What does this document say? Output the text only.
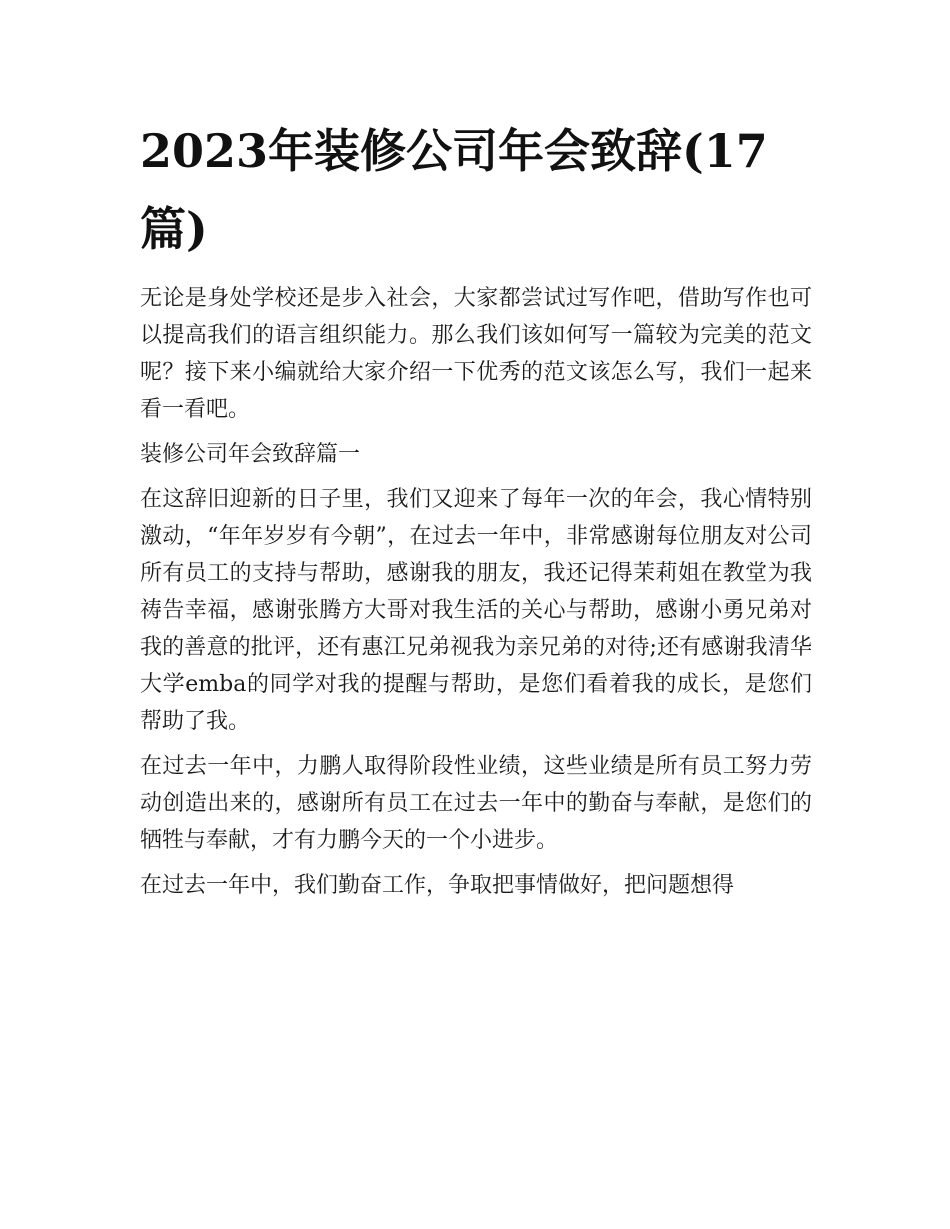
2023年装修公司年会致辞(17篇)

无论是身处学校还是步入社会，大家都尝试过写作吧，借助写作也可以提高我们的语言组织能力。那么我们该如何写一篇较为完美的范文呢？接下来小编就给大家介绍一下优秀的范文该怎么写，我们一起来看一看吧。

装修公司年会致辞篇一

在这辞旧迎新的日子里，我们又迎来了每年一次的年会，我心情特别激动，“年年岁岁有今朝”，在过去一年中，非常感谢每位朋友对公司所有员工的支持与帮助，感谢我的朋友，我还记得茉莉姐在教堂为我祷告幸福，感谢张腾方大哥对我生活的关心与帮助，感谢小勇兄弟对我的善意的批评，还有惠江兄弟视我为亲兄弟的对待;还有感谢我清华大学emba的同学对我的提醒与帮助，是您们看着我的成长，是您们帮助了我。

在过去一年中，力鹏人取得阶段性业绩，这些业绩是所有员工努力劳动创造出来的，感谢所有员工在过去一年中的勤奋与奉献，是您们的牺牲与奉献，才有力鹏今天的一个小进步。

在过去一年中，我们勤奋工作，争取把事情做好，把问题想得
